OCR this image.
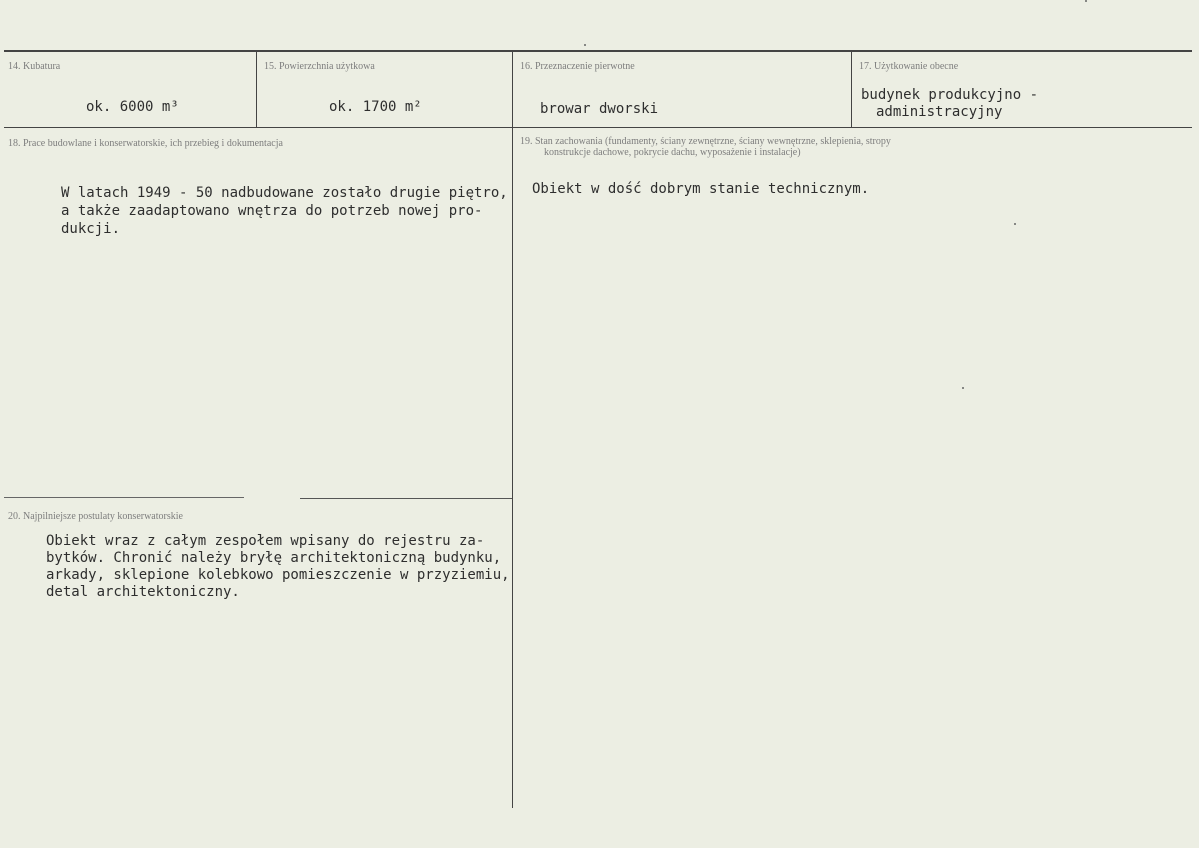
14. Kubatura
ok. 6000 m³
15. Powierzchnia użytkowa
ok. 1700 m²
16. Przeznaczenie pierwotne
browar dworski
17. Użytkowanie obecne
budynek produkcyjno -
administracyjny
18. Prace budowlane i konserwatorskie, ich przebieg i dokumentacja
W latach 1949 - 50 nadbudowane zostało drugie piętro,
a także zaadaptowano wnętrza do potrzeb nowej pro-
dukcji.
19. Stan zachowania (fundamenty, ściany zewnętrzne, ściany wewnętrzne, sklepienia, stropy
konstrukcje dachowe, pokrycie dachu, wyposażenie i instalacje)
Obiekt w dość dobrym stanie technicznym.
20. Najpilniejsze postulaty konserwatorskie
Obiekt wraz z całym zespołem wpisany do rejestru za-
bytków. Chronić należy bryłę architektoniczną budynku,
arkady, sklepione kolebkowo pomieszczenie w przyziemiu,
detal architektoniczny.
